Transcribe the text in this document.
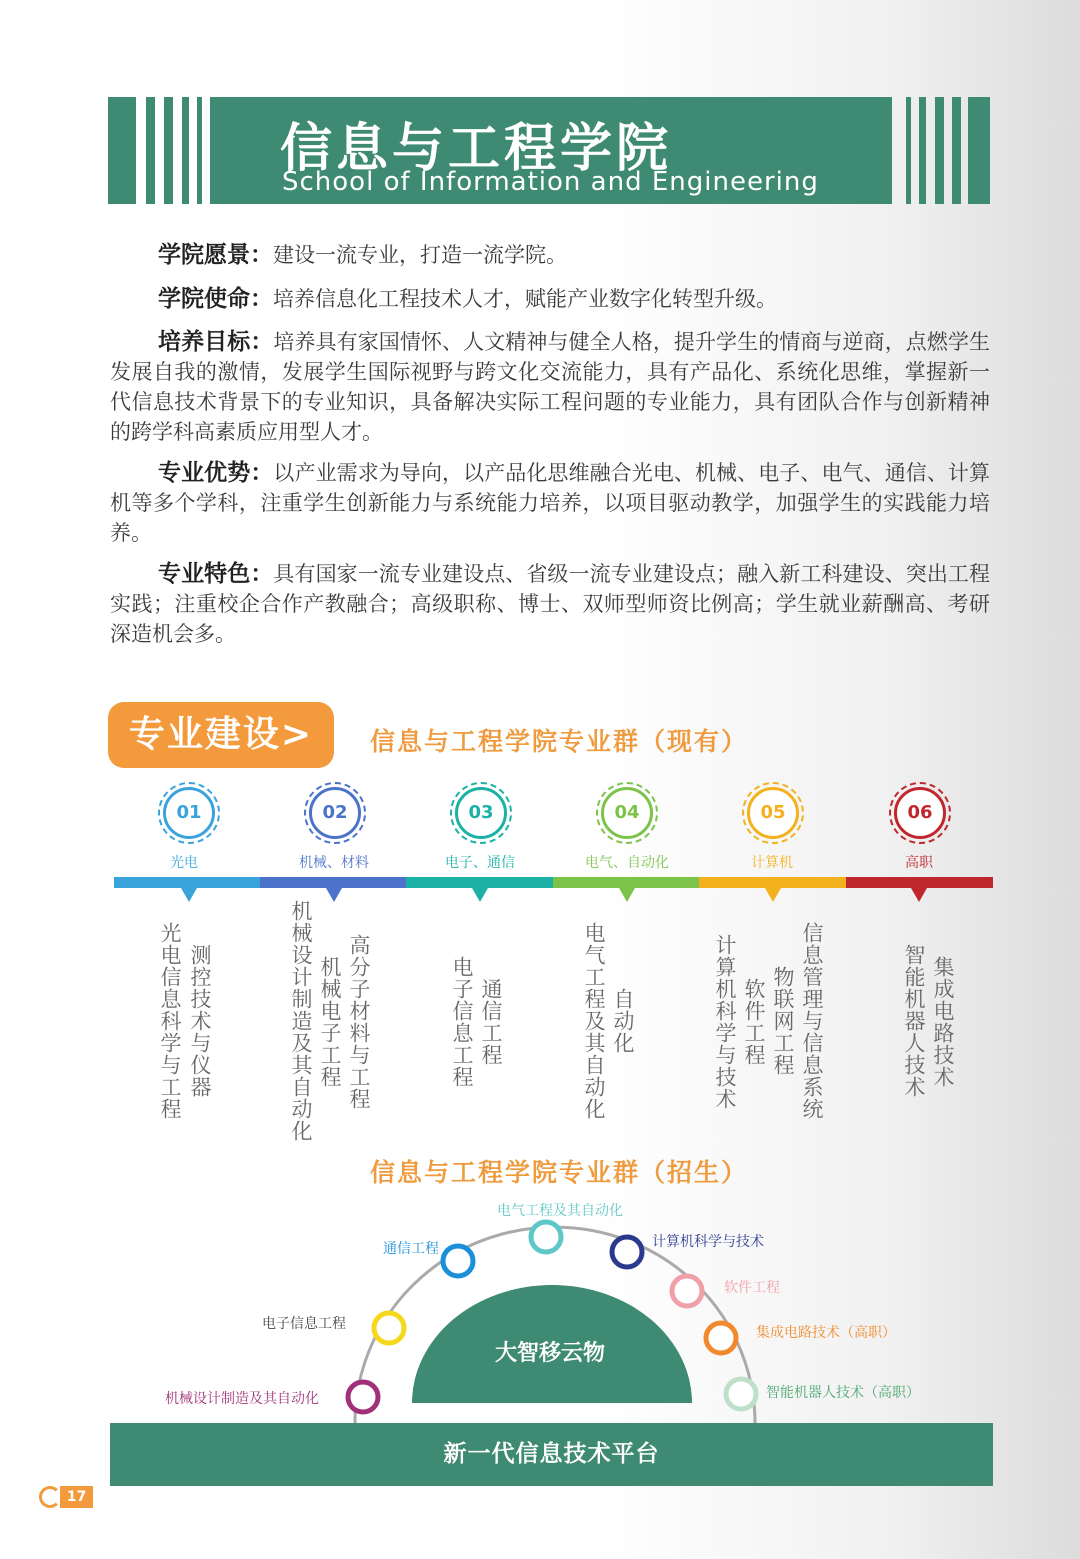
信息与工程学院
School of Information and Engineering
学院愿景：建设一流专业，打造一流学院。
学院使命：培养信息化工程技术人才，赋能产业数字化转型升级。
培养目标：培养具有家国情怀、人文精神与健全人格，提升学生的情商与逆商，点燃学生发展自我的激情，发展学生国际视野与跨文化交流能力，具有产品化、系统化思维，掌握新一代信息技术背景下的专业知识，具备解决实际工程问题的专业能力，具有团队合作与创新精神的跨学科高素质应用型人才。
专业优势：以产业需求为导向，以产品化思维融合光电、机械、电子、电气、通信、计算机等多个学科，注重学生创新能力与系统能力培养，以项目驱动教学，加强学生的实践能力培养。
专业特色：具有国家一流专业建设点、省级一流专业建设点；融入新工科建设、突出工程实践；注重校企合作产教融合；高级职称、博士、双师型师资比例高；学生就业薪酬高、考研深造机会多。
专业建设>	信息与工程学院专业群（现有）
01
光电
02
机械、材料
03
电子、通信
04
电气、自动化
05
计算机
06
高职
光电信息科学与工程 测控技术与仪器	机械设计制造及其自动化 机械电子工程 高分子材料与工程	电子信息工程 通信工程	电气工程及其自动化 自动化	计算机科学与技术 软件工程 物联网工程 信息管理与信息系统	智能机器人技术 集成电路技术
信息与工程学院专业群（招生）
机械设计制造及其自动化
电子信息工程
通信工程
电气工程及其自动化
计算机科学与技术
软件工程
集成电路技术（高职）
智能机器人技术（高职）
大智移云物
新一代信息技术平台
17
